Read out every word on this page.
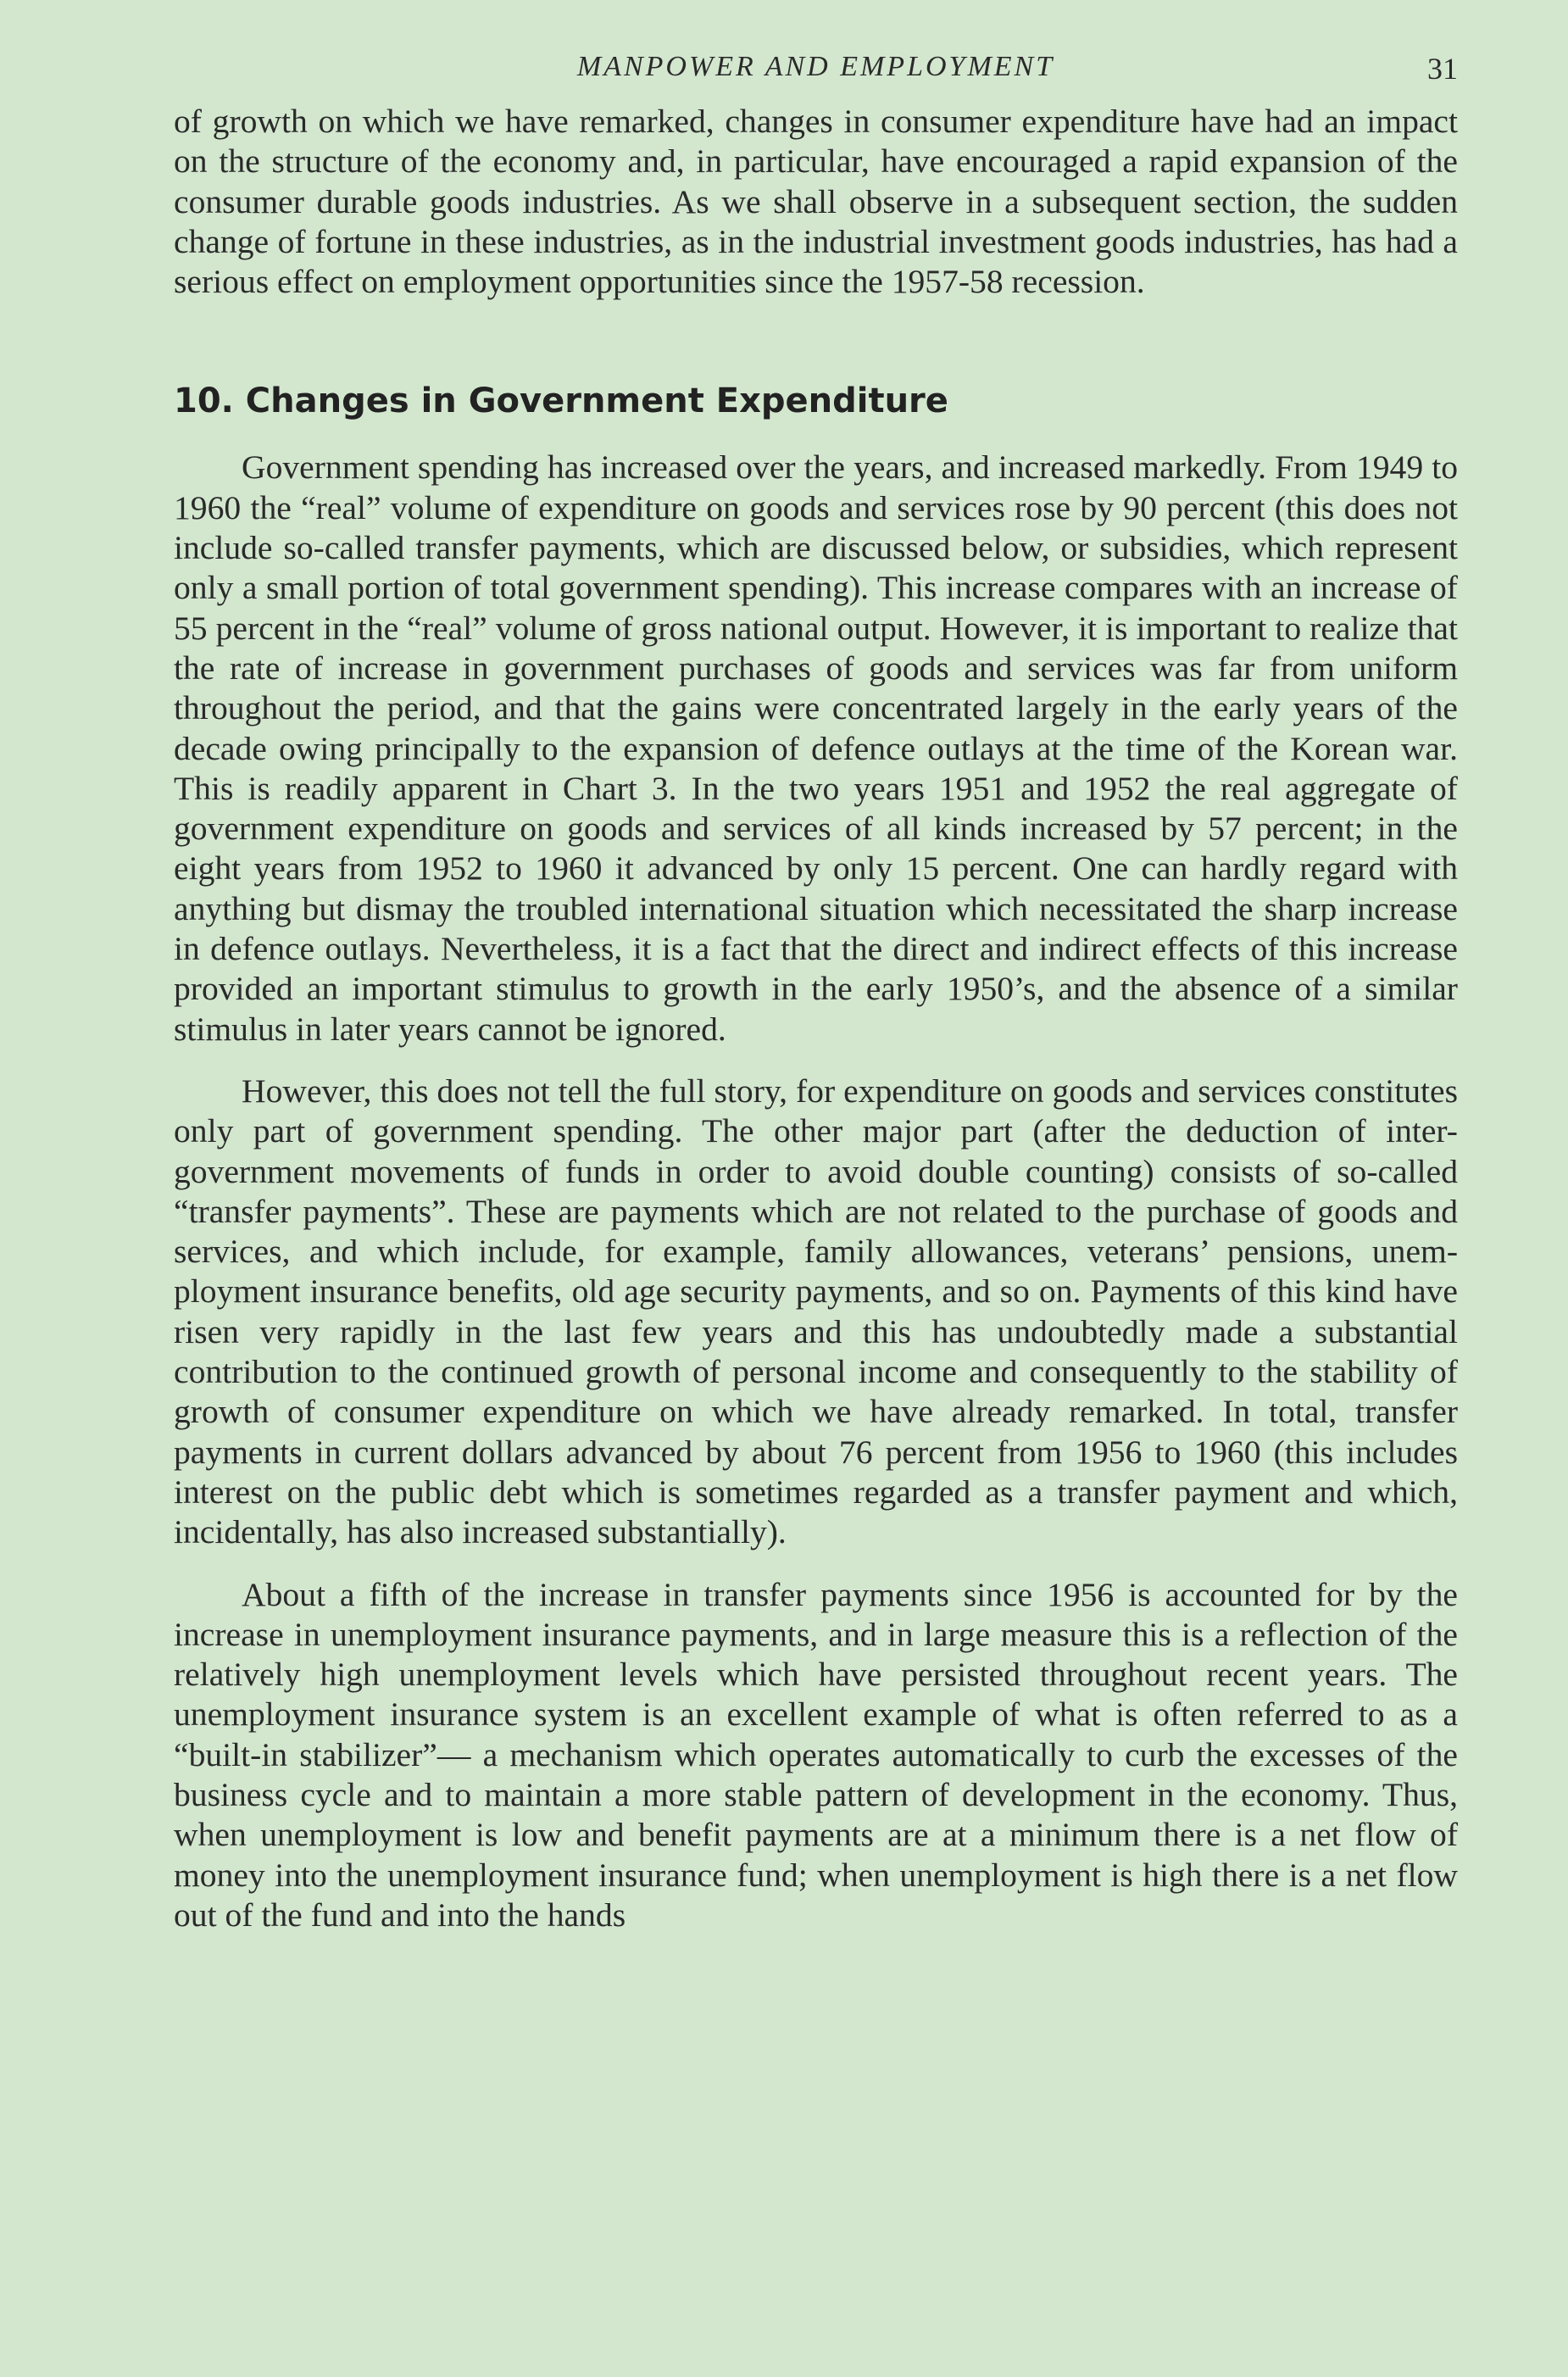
MANPOWER AND EMPLOYMENT	31

of growth on which we have remarked, changes in consumer expenditure have had an impact on the structure of the economy and, in particular, have encouraged a rapid expansion of the consumer durable goods industries. As we shall observe in a subsequent section, the sudden change of fortune in these industries, as in the industrial investment goods industries, has had a serious effect on employment opportunities since the 1957-58 recession.

10. Changes in Government Expenditure

Government spending has increased over the years, and increased markedly. From 1949 to 1960 the “real” volume of expenditure on goods and services rose by 90 percent (this does not include so-called transfer payments, which are discussed below, or subsidies, which represent only a small portion of total government spending). This increase compares with an increase of 55 percent in the “real” volume of gross national output. However, it is important to realize that the rate of increase in government purchases of goods and services was far from uniform throughout the period, and that the gains were concentrated largely in the early years of the decade owing principally to the expansion of defence outlays at the time of the Korean war. This is readily apparent in Chart 3. In the two years 1951 and 1952 the real aggregate of government expenditure on goods and services of all kinds increased by 57 percent; in the eight years from 1952 to 1960 it advanced by only 15 percent. One can hardly regard with anything but dismay the troubled international situation which necessitated the sharp increase in defence outlays. Nevertheless, it is a fact that the direct and indirect effects of this increase provided an important stimulus to growth in the early 1950’s, and the absence of a similar stimulus in later years cannot be ignored.

However, this does not tell the full story, for expenditure on goods and services constitutes only part of government spending. The other major part (after the deduction of inter-government movements of funds in order to avoid double counting) consists of so-called “transfer payments”. These are payments which are not related to the purchase of goods and services, and which include, for example, family allowances, veterans’ pensions, unemployment insurance benefits, old age security payments, and so on. Payments of this kind have risen very rapidly in the last few years and this has undoubtedly made a substantial contribution to the continued growth of personal income and consequently to the stability of growth of consumer expenditure on which we have already remarked. In total, transfer payments in current dollars advanced by about 76 percent from 1956 to 1960 (this includes interest on the public debt which is sometimes regarded as a transfer payment and which, incidentally, has also increased substantially).

About a fifth of the increase in transfer payments since 1956 is accounted for by the increase in unemployment insurance payments, and in large measure this is a reflection of the relatively high unemployment levels which have persisted throughout recent years. The unemployment insurance system is an excellent example of what is often referred to as a “built-in stabilizer”— a mechanism which operates automatically to curb the excesses of the business cycle and to maintain a more stable pattern of development in the economy. Thus, when unemployment is low and benefit payments are at a minimum there is a net flow of money into the unemployment insurance fund; when unemployment is high there is a net flow out of the fund and into the hands
